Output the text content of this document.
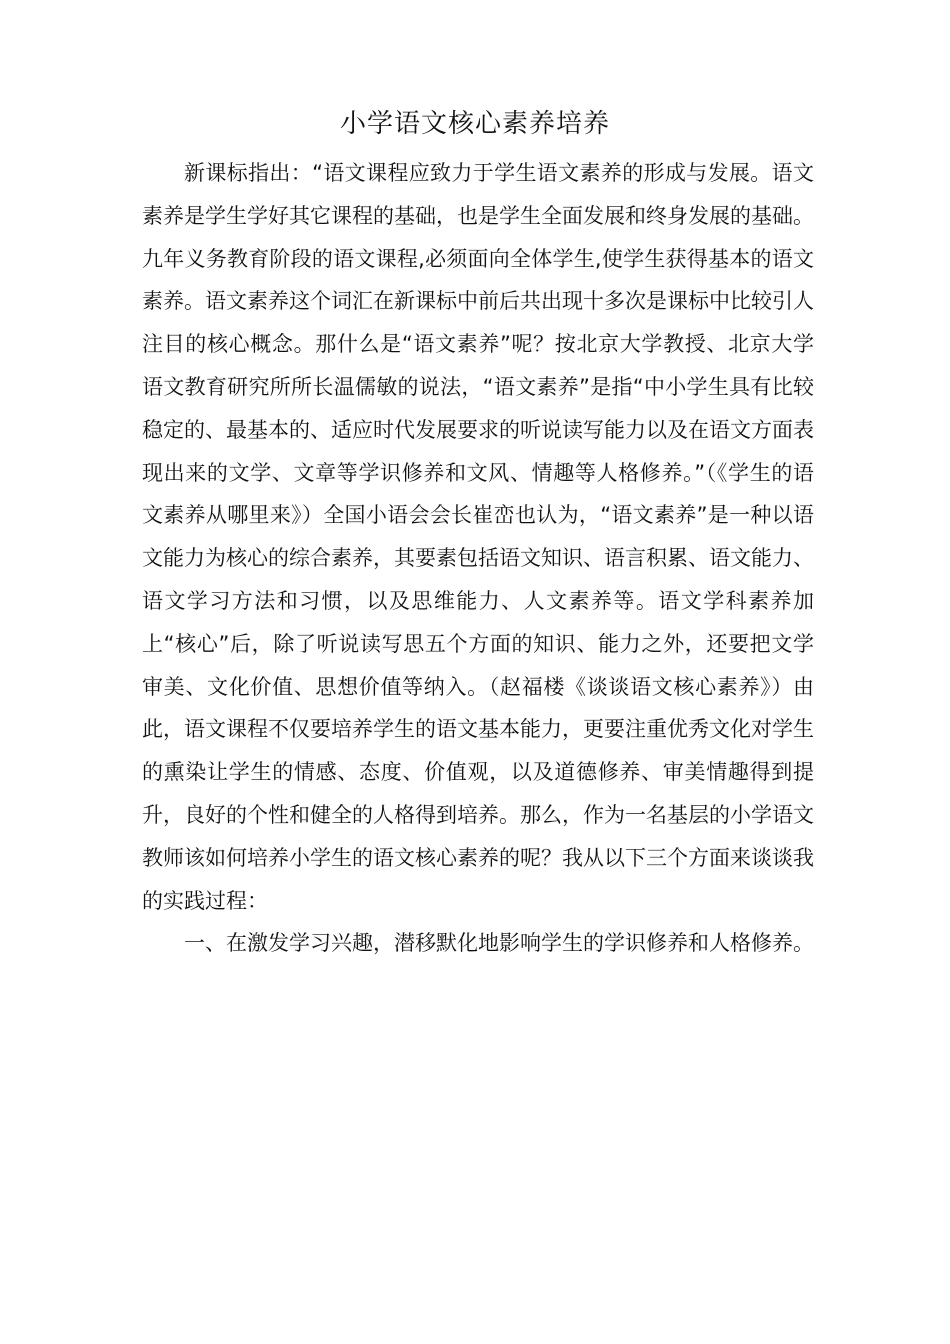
小学语文核心素养培养

新课标指出：“语文课程应致力于学生语文素养的形成与发展。语文素养是学生学好其它课程的基础，也是学生全面发展和终身发展的基础。九年义务教育阶段的语文课程,必须面向全体学生,使学生获得基本的语文素养。语文素养这个词汇在新课标中前后共出现十多次是课标中比较引人注目的核心概念。那什么是“语文素养”呢？按北京大学教授、北京大学语文教育研究所所长温儒敏的说法，“语文素养”是指“中小学生具有比较稳定的、最基本的、适应时代发展要求的听说读写能力以及在语文方面表现出来的文学、文章等学识修养和文风、情趣等人格修养。”（《学生的语文素养从哪里来》）全国小语会会长崔峦也认为，“语文素养”是一种以语文能力为核心的综合素养，其要素包括语文知识、语言积累、语文能力、语文学习方法和习惯，以及思维能力、人文素养等。语文学科素养加上“核心”后，除了听说读写思五个方面的知识、能力之外，还要把文学审美、文化价值、思想价值等纳入。（赵福楼《谈谈语文核心素养》）由此，语文课程不仅要培养学生的语文基本能力，更要注重优秀文化对学生的熏染让学生的情感、态度、价值观，以及道德修养、审美情趣得到提升，良好的个性和健全的人格得到培养。那么，作为一名基层的小学语文教师该如何培养小学生的语文核心素养的呢？我从以下三个方面来谈谈我的实践过程：

一、在激发学习兴趣，潜移默化地影响学生的学识修养和人格修养。
